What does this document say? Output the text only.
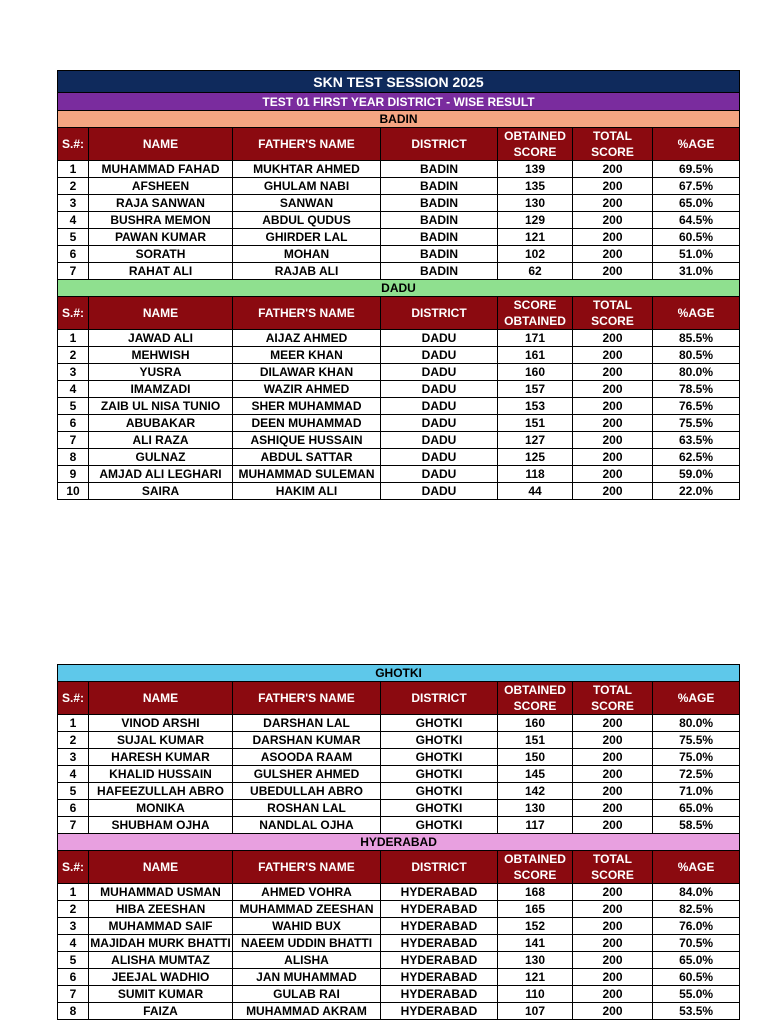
SKN TEST SESSION 2025						
TEST 01 FIRST YEAR DISTRICT - WISE RESULT						
BADIN						
S.#:	NAME	FATHER'S NAME	DISTRICT	OBTAINED SCORE	TOTAL SCORE	%AGE
1	MUHAMMAD FAHAD	MUKHTAR AHMED	BADIN	139	200	69.5%
2	AFSHEEN	GHULAM NABI	BADIN	135	200	67.5%
3	RAJA SANWAN	SANWAN	BADIN	130	200	65.0%
4	BUSHRA MEMON	ABDUL QUDUS	BADIN	129	200	64.5%
5	PAWAN KUMAR	GHIRDER LAL	BADIN	121	200	60.5%
6	SORATH	MOHAN	BADIN	102	200	51.0%
7	RAHAT ALI	RAJAB ALI	BADIN	62	200	31.0%
DADU						
S.#:	NAME	FATHER'S NAME	DISTRICT	SCORE OBTAINED	TOTAL SCORE	%AGE
1	JAWAD ALI	AIJAZ AHMED	DADU	171	200	85.5%
2	MEHWISH	MEER KHAN	DADU	161	200	80.5%
3	YUSRA	DILAWAR KHAN	DADU	160	200	80.0%
4	IMAMZADI	WAZIR AHMED	DADU	157	200	78.5%
5	ZAIB UL NISA TUNIO	SHER MUHAMMAD	DADU	153	200	76.5%
6	ABUBAKAR	DEEN MUHAMMAD	DADU	151	200	75.5%
7	ALI RAZA	ASHIQUE HUSSAIN	DADU	127	200	63.5%
8	GULNAZ	ABDUL SATTAR	DADU	125	200	62.5%
9	AMJAD ALI LEGHARI	MUHAMMAD SULEMAN	DADU	118	200	59.0%
10	SAIRA	HAKIM ALI	DADU	44	200	22.0%
GHOTKI						
S.#:	NAME	FATHER'S NAME	DISTRICT	OBTAINED SCORE	TOTAL SCORE	%AGE
1	VINOD ARSHI	DARSHAN LAL	GHOTKI	160	200	80.0%
2	SUJAL KUMAR	DARSHAN KUMAR	GHOTKI	151	200	75.5%
3	HARESH KUMAR	ASOODA RAAM	GHOTKI	150	200	75.0%
4	KHALID HUSSAIN	GULSHER AHMED	GHOTKI	145	200	72.5%
5	HAFEEZULLAH ABRO	UBEDULLAH ABRO	GHOTKI	142	200	71.0%
6	MONIKA	ROSHAN LAL	GHOTKI	130	200	65.0%
7	SHUBHAM OJHA	NANDLAL OJHA	GHOTKI	117	200	58.5%
HYDERABAD						
S.#:	NAME	FATHER'S NAME	DISTRICT	OBTAINED SCORE	TOTAL SCORE	%AGE
1	MUHAMMAD USMAN	AHMED VOHRA	HYDERABAD	168	200	84.0%
2	HIBA ZEESHAN	MUHAMMAD ZEESHAN	HYDERABAD	165	200	82.5%
3	MUHAMMAD SAIF	WAHID BUX	HYDERABAD	152	200	76.0%
4	MAJIDAH MURK BHATTI	NAEEM UDDIN BHATTI	HYDERABAD	141	200	70.5%
5	ALISHA MUMTAZ	ALISHA	HYDERABAD	130	200	65.0%
6	JEEJAL WADHIO	JAN MUHAMMAD	HYDERABAD	121	200	60.5%
7	SUMIT KUMAR	GULAB RAI	HYDERABAD	110	200	55.0%
8	FAIZA	MUHAMMAD AKRAM	HYDERABAD	107	200	53.5%
